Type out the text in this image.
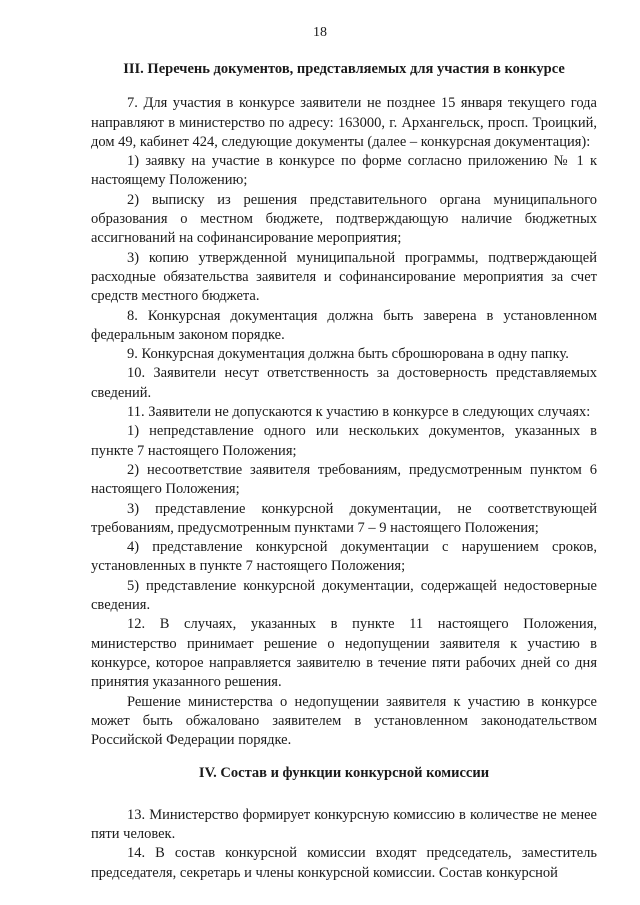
18
III. Перечень документов, представляемых для участия в конкурсе

7. Для участия в конкурсе заявители не позднее 15 января текущего года направляют в министерство по адресу: 163000, г. Архангельск, просп. Троицкий, дом 49, кабинет 424, следующие документы (далее – конкурсная документация):

1) заявку на участие в конкурсе по форме согласно приложению № 1 к настоящему Положению;

2) выписку из решения представительного органа муниципального образования о местном бюджете, подтверждающую наличие бюджетных ассигнований на софинансирование мероприятия;

3) копию утвержденной муниципальной программы, подтверждающей расходные обязательства заявителя и софинансирование мероприятия за счет средств местного бюджета.

8. Конкурсная документация должна быть заверена в установленном федеральным законом порядке.

9. Конкурсная документация должна быть сброшюрована в одну папку.

10. Заявители несут ответственность за достоверность представляемых сведений.

11. Заявители не допускаются к участию в конкурсе в следующих случаях:

1) непредставление одного или нескольких документов, указанных в пункте 7 настоящего Положения;

2) несоответствие заявителя требованиям, предусмотренным пунктом 6 настоящего Положения;

3) представление конкурсной документации, не соответствующей требованиям, предусмотренным пунктами 7 – 9 настоящего Положения;

4) представление конкурсной документации с нарушением сроков, установленных в пункте 7 настоящего Положения;

5) представление конкурсной документации, содержащей недостоверные сведения.

12. В случаях, указанных в пункте 11 настоящего Положения, министерство принимает решение о недопущении заявителя к участию в конкурсе, которое направляется заявителю в течение пяти рабочих дней со дня принятия указанного решения.

Решение министерства о недопущении заявителя к участию в конкурсе может быть обжаловано заявителем в установленном законодательством Российской Федерации порядке.

IV. Состав и функции конкурсной комиссии

13. Министерство формирует конкурсную комиссию в количестве не менее пяти человек.

14. В состав конкурсной комиссии входят председатель, заместитель председателя, секретарь и члены конкурсной комиссии. Состав конкурсной
